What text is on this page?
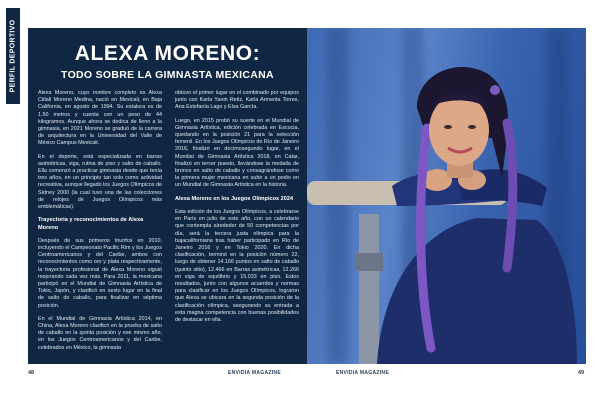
PERFIL DEPORTIVO	ALEXA MORENO:
TODO SOBRE LA GIMNASTA MEXICANA

Alexa Moreno, cuyo nombre completo es Alexa Citlali Moreno Medina, nació en Mexicali, en Baja California, en agosto de 1994. Su estatura es de 1.50 metros y cuenta con un peso de 44 kilogramos. Aunque ahora se dedica de lleno a la gimnasia, en 2021 Moreno se graduó de la carrera de arquitectura en la Universidad del Valle de México Campus Mexicali.

En el deporte, está especializada en barras asimétricas, viga, rutina de piso y salto de caballo. Ella comenzó a practicar gimnasia desde que tenía tres años, en un principio tan solo como actividad recreativa, aunque llegado los Juegos Olímpicos de Sídney 2000 (la cual tuvo una de las colecciones de relojes de Juegos Olímpicos más emblemáticas).

Trayectoria y reconocimientos de Alexa Moreno

Después de sus primeros triunfos en 2010, incluyendo el Campeonato Pacific Rim y los Juegos Centroamericanos y del Caribe, ambos con reconocimientos como oro y plata respectivamente, la trayectoria profesional de Alexa Moreno siguió mejorando cada vez más. Para 2011, la mexicana participó en el Mundial de Gimnasia Artística de Tokio, Japón, y clasificó en sexto lugar en la final de salto de caballo, para finalizar en séptima posición.

En el Mundial de Gimnasia Artística 2014, en China, Alexa Moreno clasificó en la prueba de salto de caballo en la quinta posición y ese mismo año, en los Juegos Centroamericanos y del Caribe, celebrados en México, la gimnasta

obtuvo el primer lugar en el combinado por equipos junto con Karla Yanin Retiz, Karla Armenta Torres, Ana Estefanía Lago y Elsa García.

Luego, en 2015 probó su suerte en el Mundial de Gimnasia Artística, edición celebrada en Escocia, quedando en la posición 21 para la selección femenil. En los Juegos Olímpicos de Río de Janeiro 2016, finalizó en decimosegundo lugar, en el Mundial de Gimnasia Artística 2018, en Catar, finalizó en tercer puesto, llevándose la medalla de bronce en salto de caballo y consagrándose como la primera mujer mexicana en subir a un podio en un Mundial de Gimnasia Artística en la historia.

Alexa Moreno en los Juegos Olímpicos 2024

Esta edición de los Juegos Olímpicos, a celebrarse en París en julio de este año, con un calendario que contempla alrededor de 50 competencias por día, será la tercera justa olímpica para la bajacaliforniana tras haber participado en Río de Janeiro 2016 y en Tokio 2020. En dicha clasificación, terminó en la posición número 22, luego de obtener 14.166 puntos en salto de caballo (quinto sitio), 12.466 en Barras asimétricas, 12.266 en viga de equilibrio y 15.033 en piso. Estos resultados, junto con algunos acuerdos y normas para clasificar en los Juegos Olímpicos, lograron que Alexa se ubicara en la segunda posición de la clasificación olímpica, asegurando su entrada a esta magna competencia con buenas posibilidades de destacar en ella.

48	ENVIDIA MAGAZINE	ENVIDIA MAGAZINE	49
